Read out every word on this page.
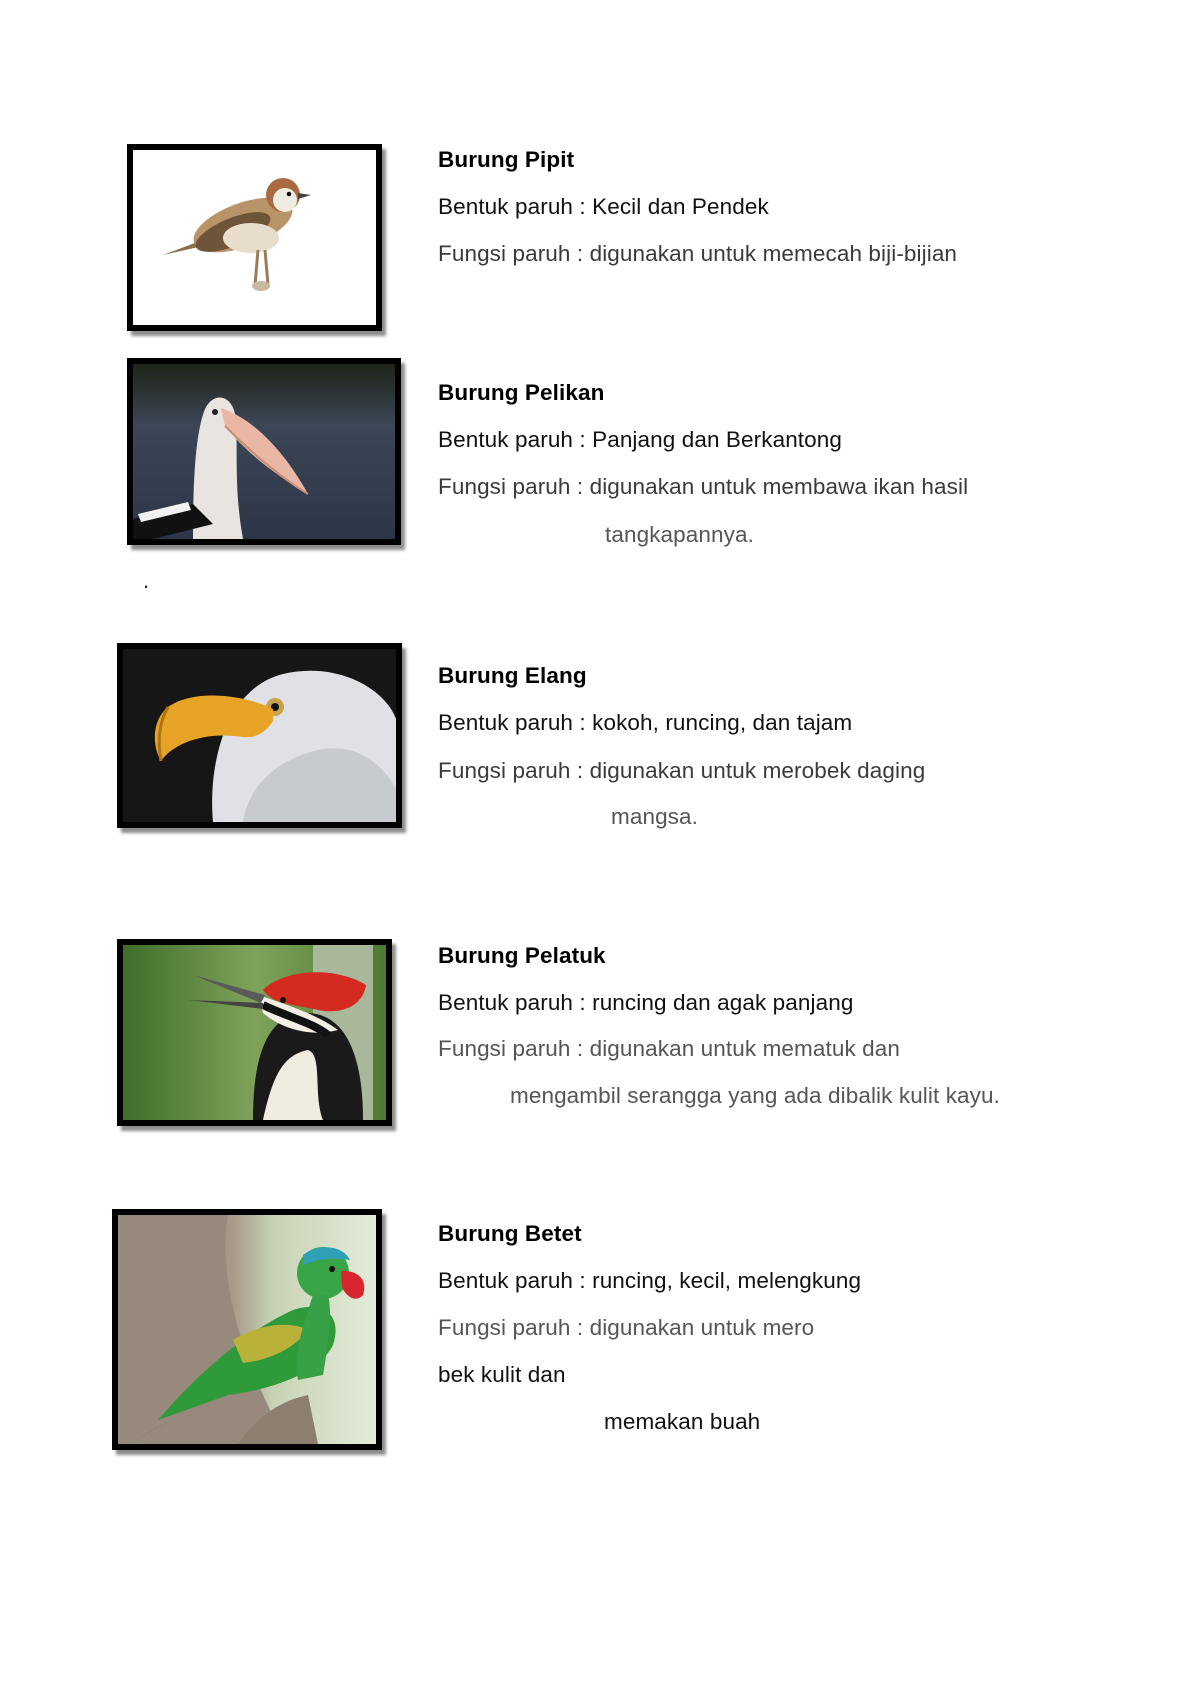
Burung Pipit
Bentuk paruh : Kecil dan Pendek
Fungsi paruh : digunakan untuk memecah biji-bijian
Burung Pelikan
Bentuk paruh : Panjang dan Berkantong
Fungsi paruh : digunakan untuk membawa ikan hasil
tangkapannya.
.
Burung Elang
Bentuk paruh : kokoh, runcing, dan tajam
Fungsi paruh : digunakan untuk merobek daging
mangsa.
Burung Pelatuk
Bentuk paruh : runcing dan agak panjang
Fungsi paruh : digunakan untuk mematuk dan
mengambil serangga yang ada dibalik kulit kayu.
Burung Betet
Bentuk paruh : runcing, kecil, melengkung
Fungsi paruh : digunakan untuk mero
bek kulit dan
memakan buah
